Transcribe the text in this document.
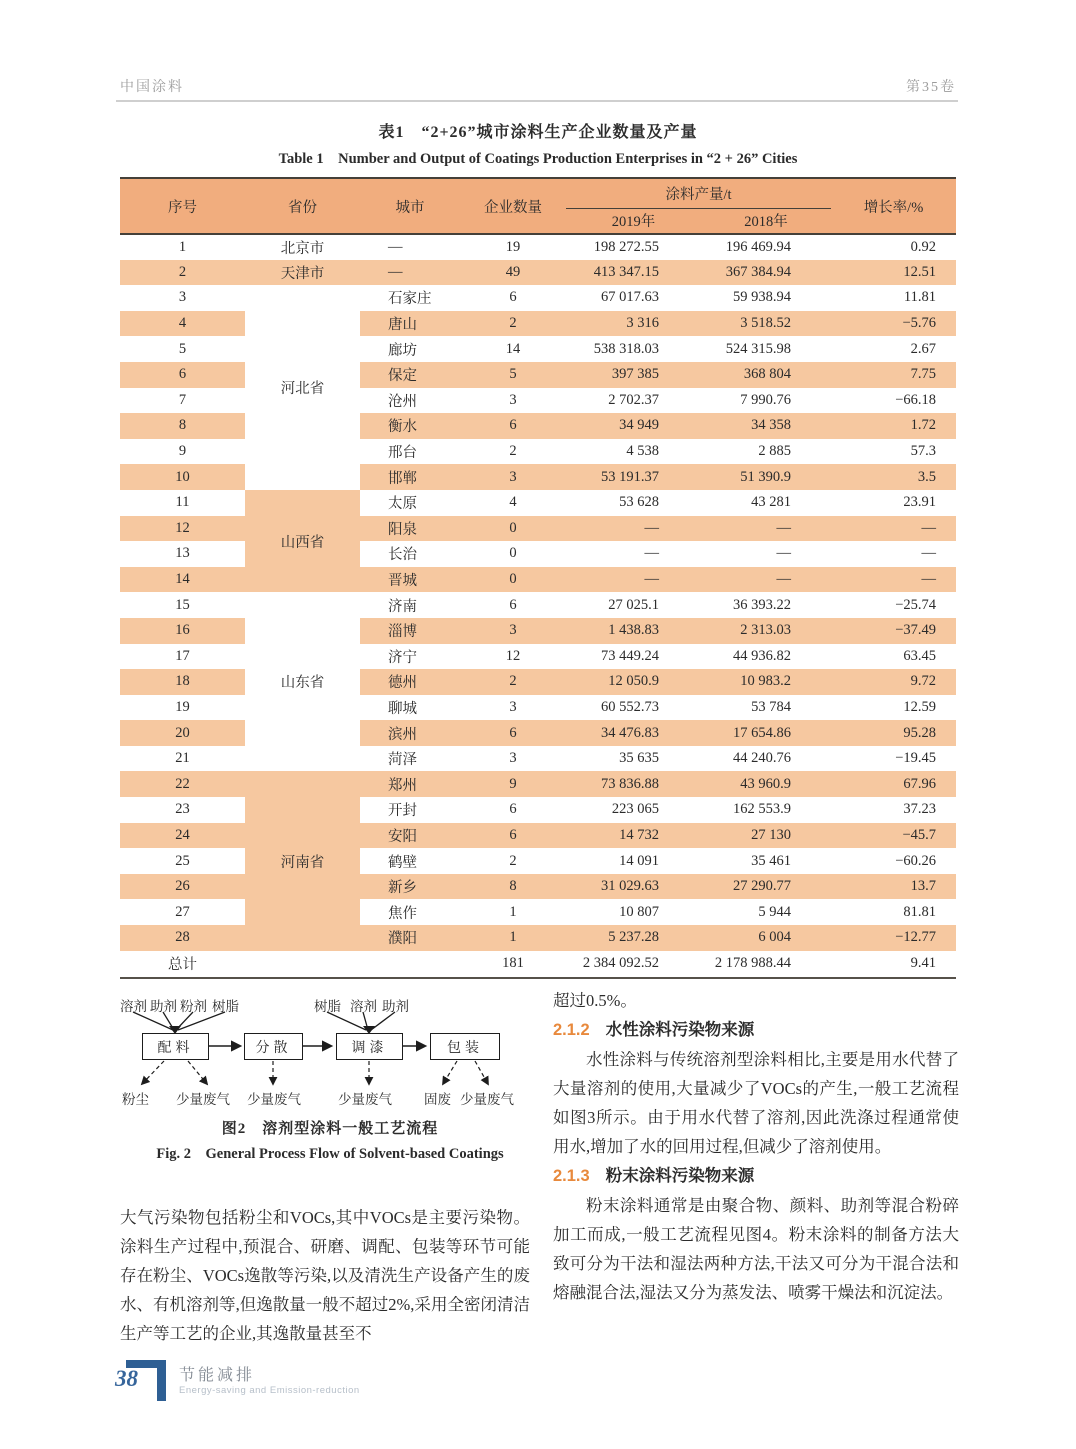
中国涂料	第35卷
表1　“2+26”城市涂料生产企业数量及产量
Table 1　Number and Output of Coatings Production Enterprises in “2 + 26” Cities
序号	省份	城市	企业数量	涂料产量/t		增长率/%
				2019年	2018年	
1	北京市	—	19	198 272.55	196 469.94	0.92
2	天津市	—	49	413 347.15	367 384.94	12.51
3	河北省	石家庄	6	67 017.63	59 938.94	11.81
4		唐山	2	3 316	3 518.52	−5.76
5		廊坊	14	538 318.03	524 315.98	2.67
6		保定	5	397 385	368 804	7.75
7		沧州	3	2 702.37	7 990.76	−66.18
8		衡水	6	34 949	34 358	1.72
9		邢台	2	4 538	2 885	57.3
10		邯郸	3	53 191.37	51 390.9	3.5
11	山西省	太原	4	53 628	43 281	23.91
12		阳泉	0	—	—	—
13		长治	0	—	—	—
14		晋城	0	—	—	—
15	山东省	济南	6	27 025.1	36 393.22	−25.74
16		淄博	3	1 438.83	2 313.03	−37.49
17		济宁	12	73 449.24	44 936.82	63.45
18		德州	2	12 050.9	10 983.2	9.72
19		聊城	3	60 552.73	53 784	12.59
20		滨州	6	34 476.83	17 654.86	95.28
21		菏泽	3	35 635	44 240.76	−19.45
22	河南省	郑州	9	73 836.88	43 960.9	67.96
23		开封	6	223 065	162 553.9	37.23
24		安阳	6	14 732	27 130	−45.7
25		鹤壁	2	14 091	35 461	−60.26
26		新乡	8	31 029.63	27 290.77	13.7
27		焦作	1	10 807	5 944	81.81
28		濮阳	1	5 237.28	6 004	−12.77
总计			181	2 384 092.52	2 178 988.44	9.41
溶剂 助剂 粉剂 树脂	树脂 溶剂 助剂
配料	分散	调漆	包装
粉尘 少量废气 少量废气	少量废气 固废 少量废气
图2　溶剂型涂料一般工艺流程
Fig. 2　General Process Flow of Solvent-based Coatings
大气污染物包括粉尘和VOCs,其中VOCs是主要污染物。涂料生产过程中,预混合、研磨、调配、包装等环节可能存在粉尘、VOCs逸散等污染,以及清洗生产设备产生的废水、有机溶剂等,但逸散量一般不超过2%,采用全密闭清洁生产等工艺的企业,其逸散量甚至不
超过0.5%。
2.1.2 水性涂料污染物来源
水性涂料与传统溶剂型涂料相比,主要是用水代替了大量溶剂的使用,大量减少了VOCs的产生,一般工艺流程如图3所示。由于用水代替了溶剂,因此洗涤过程通常使用水,增加了水的回用过程,但减少了溶剂使用。
2.1.3 粉末涂料污染物来源
粉末涂料通常是由聚合物、颜料、助剂等混合粉碎加工而成,一般工艺流程见图4。粉末涂料的制备方法大致可分为干法和湿法两种方法,干法又可分为干混合法和熔融混合法,湿法又分为蒸发法、喷雾干燥法和沉淀法。
38	节能减排
Energy-saving and Emission-reduction
